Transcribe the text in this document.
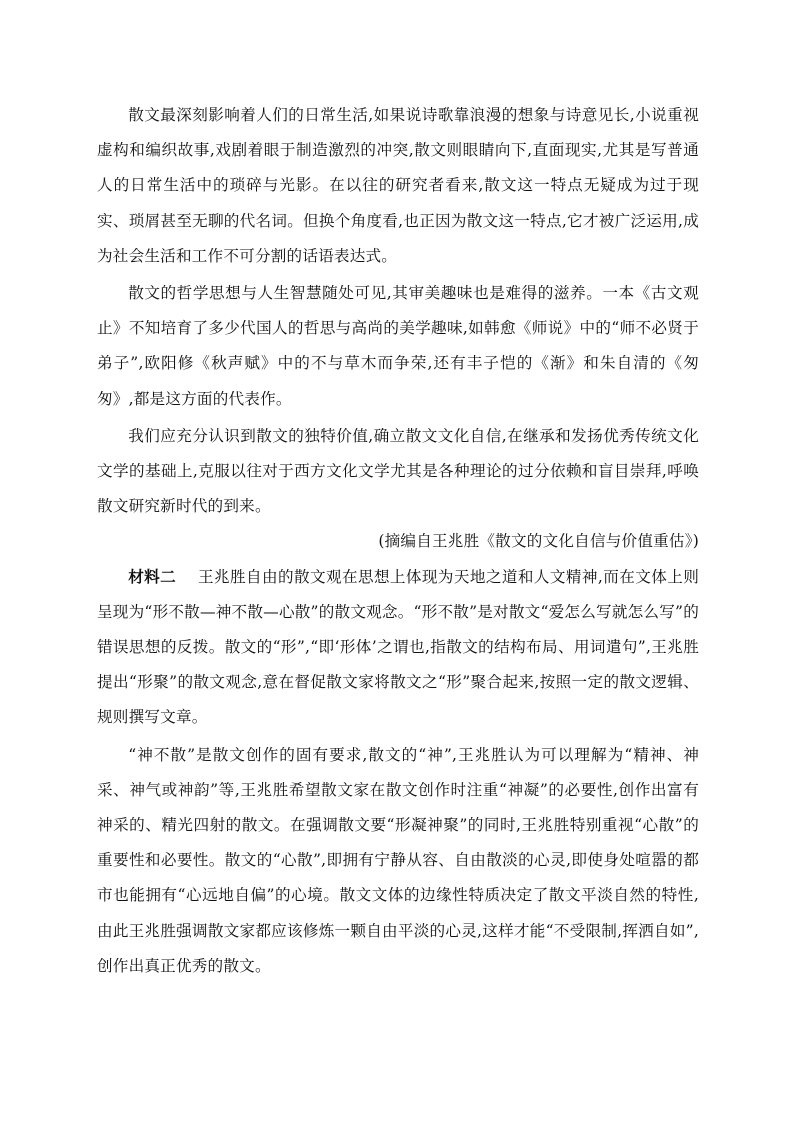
散文最深刻影响着人们的日常生活,如果说诗歌靠浪漫的想象与诗意见长,小说重视虚构和编织故事,戏剧着眼于制造激烈的冲突,散文则眼睛向下,直面现实,尤其是写普通人的日常生活中的琐碎与光影。在以往的研究者看来,散文这一特点无疑成为过于现实、琐屑甚至无聊的代名词。但换个角度看,也正因为散文这一特点,它才被广泛运用,成为社会生活和工作不可分割的话语表达式。

散文的哲学思想与人生智慧随处可见,其审美趣味也是难得的滋养。一本《古文观止》不知培育了多少代国人的哲思与高尚的美学趣味,如韩愈《师说》中的“师不必贤于弟子”,欧阳修《秋声赋》中的不与草木而争荣,还有丰子恺的《渐》和朱自清的《匆匆》,都是这方面的代表作。

我们应充分认识到散文的独特价值,确立散文文化自信,在继承和发扬优秀传统文化文学的基础上,克服以往对于西方文化文学尤其是各种理论的过分依赖和盲目崇拜,呼唤散文研究新时代的到来。

(摘编自王兆胜《散文的文化自信与价值重估》)

材料二 王兆胜自由的散文观在思想上体现为天地之道和人文精神,而在文体上则呈现为“形不散—神不散—心散”的散文观念。“形不散”是对散文“爱怎么写就怎么写”的错误思想的反拨。散文的“形”,“即‘形体’之谓也,指散文的结构布局、用词遣句”,王兆胜提出“形聚”的散文观念,意在督促散文家将散文之“形”聚合起来,按照一定的散文逻辑、规则撰写文章。

“神不散”是散文创作的固有要求,散文的“神”,王兆胜认为可以理解为“精神、神采、神气或神韵”等,王兆胜希望散文家在散文创作时注重“神凝”的必要性,创作出富有神采的、精光四射的散文。在强调散文要“形凝神聚”的同时,王兆胜特别重视“心散”的重要性和必要性。散文的“心散”,即拥有宁静从容、自由散淡的心灵,即使身处喧嚣的都市也能拥有“心远地自偏”的心境。散文文体的边缘性特质决定了散文平淡自然的特性,由此王兆胜强调散文家都应该修炼一颗自由平淡的心灵,这样才能“不受限制,挥洒自如”,创作出真正优秀的散文。
